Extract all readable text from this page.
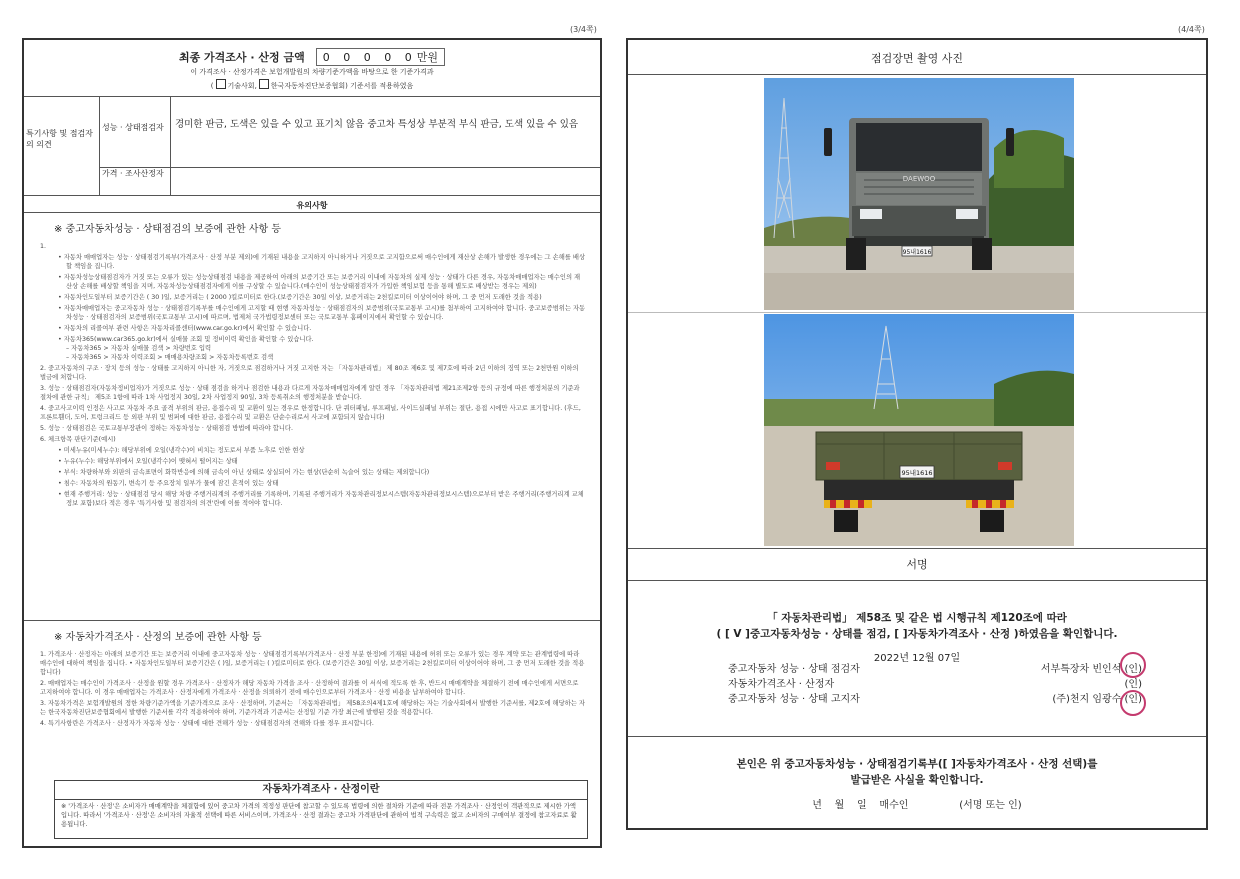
(3/4쪽)	(4/4쪽)
최종 가격조사 · 산정 금액 0 0 0 0 0만원
이 가격조사 · 산정가격은 보험개발원의 차량기준가액을 바탕으로 한 기준가격과
( 기술사회, 한국자동차진단보증협회) 기준서를 적용하였음
특기사항 및 점검자의 의견
성능 · 상태점검자	경미한 판금, 도색은 있을 수 있고 표기치 않음 중고차 특성상 부분적 부식 판금, 도색 있을 수 있음
가격 · 조사산정자
유의사항
※ 중고자동차성능 · 상태점검의 보증에 관한 사항 등
1.
• 자동차 매매업자는 성능 · 상태점검기록부(가격조사 · 산정 부분 제외)에 기재된 내용을 고지하지 아니하거나 거짓으로 고지함으로써 매수인에게 재산상 손해가 발생한 경우에는 그 손해를 배상할 책임을 집니다.
• 자동차성능상태점검자가 거짓 또는 오류가 있는 성능상태점검 내용을 제공하여 아래의 보증기간 또는 보증거리 이내에 자동차의 실제 성능 · 상태가 다른 경우, 자동차매매업자는 매수인의 재산상 손해를 배상할 책임을 지며, 자동차성능상태점검자에게 이를 구상할 수 있습니다.(매수인이 성능상태점검자가 가입한 책임보험 등을 통해 별도로 배상받는 경우는 제외)
• 자동차인도일부터 보증기간은 ( 30 )일, 보증거리는 ( 2000 )킬로미터로 한다.(보증기간은 30일 이상, 보증거리는 2천킬로미터 이상이어야 하며, 그 중 먼저 도래한 것을 적용)
• 자동차매매업자는 중고자동차 성능 · 상태점검기록부를 매수인에게 고지할 때 현행 자동차성능 · 상태점검자의 보증범위(국토교통부 고시)를 첨부하여 고지하여야 합니다. 중고보증범위는 자동차성능 · 상태점검자의 보증범위(국토교통부 고시)에 따르며, 법제처 국가법령정보센터 또는 국토교통부 홈페이지에서 확인할 수 있습니다.
• 자동차의 리콜여부 관련 사항은 자동차리콜센터(www.car.go.kr)에서 확인할 수 있습니다.
• 자동차365(www.car365.go.kr)에서 실매물 조회 및 정비이력 확인을 확인할 수 있습니다.
– 자동차365 > 자동차 실매물 검색 > 차량번호 입력
– 자동차365 > 자동차 이력조회 > 매매용차량조회 > 자동차등록번호 검색
2. 중고자동차의 구조 · 장치 등의 성능 · 상태를 고지하지 아니한 자, 거짓으로 점검하거나 거짓 고지한 자는 「자동차관리법」 제 80조 제6호 및 제7호에 따라 2년 이하의 징역 또는 2천만원 이하의 벌금에 처합니다.
3. 성능 · 상태점검자(자동차정비업자)가 거짓으로 성능 · 상태 점검을 하거나 점검한 내용과 다르게 자동차매매업자에게 알린 경우 「자동차관리법 제21조제2항 등의 규정에 따른 행정처분의 기준과 절차에 관한 규칙」 제5조 1항에 따라 1차 사업정지 30일, 2차 사업정지 90일, 3차 등록취소의 행정처분을 받습니다.
4. 중고사고이력 인정은 사고로 자동차 주요 골격 부위의 판금, 용접수리 및 교환이 있는 경우로 한정합니다. 단 쿼터패널, 루프패널, 사이드실패널 부위는 절단, 용접 시에만 사고로 표기합니다. (후드, 프론트휀더, 도어, 트렁크리드 등 외판 부위 및 범퍼에 대한 판금, 용접수리 및 교환은 단순수리로서 사고에 포함되지 않습니다)
5. 성능 · 상태점검은 국토교통부장관이 정하는 자동차성능 · 상태점검 방법에 따라야 합니다.
6. 체크항목 판단기준(예시)
• 미세누유(미세누수): 해당부위에 오일(냉각수)이 비치는 정도로서 부품 노후로 인한 현상
• 누유(누수): 해당부위에서 오일(냉각수)이 맺혀서 떨어지는 상태
• 부식: 차량하부와 외판의 금속표면이 화학반응에 의해 금속이 아닌 상태로 상실되어 가는 현상(단순히 녹슬어 있는 상태는 제외합니다)
• 침수: 자동차의 원동기, 변속기 등 주요장치 일부가 물에 잠긴 흔적이 있는 상태
• 현재 주행거리: 성능 · 상태점검 당시 해당 차량 주행거리계의 주행거리를 기록하며, 기록된 주행거리가 자동차관리정보시스템(자동차관리정보시스템)으로부터 받은 주행거리(주행거리계 교체 정보 포함)보다 적은 경우 '특기사항 및 점검자의 의견'란에 이를 적어야 합니다.
※ 자동차가격조사 · 산정의 보증에 관한 사항 등
1. 가격조사 · 산정자는 아래의 보증기간 또는 보증거리 이내에 중고자동차 성능 · 상태점검기록부(가격조사 · 산정 부분 한정)에 기재된 내용에 허위 또는 오류가 있는 경우 계약 또는 관계법령에 따라 매수인에 대하여 책임을 집니다. • 자동차인도일부터 보증기간은 ( )일, 보증거리는 ( )킬로미터로 한다. (보증기간은 30일 이상, 보증거리는 2천킬로미터 이상이어야 하며, 그 중 먼저 도래한 것을 적용합니다)
2. 매매업자는 매수인이 가격조사 · 산정을 원할 경우 가격조사 · 산정자가 해당 자동차 가격을 조사 · 산정하여 결과를 이 서식에 적도록 한 후, 반드시 매매계약을 체결하기 전에 매수인에게 서면으로 고지하여야 합니다. 이 경우 매매업자는 가격조사 · 산정자에게 가격조사 · 산정을 의뢰하기 전에 매수인으로부터 가격조사 · 산정 비용을 납부하여야 합니다.
3. 자동차가격은 보험개발원의 정한 차량기준가액을 기준가격으로 조사 · 산정하며, 기준서는 「자동차관리법」 제58조의4제1호에 해당하는 자는 기술사회에서 발행한 기준서를, 제2호에 해당하는 자는 한국자동차진단보증협회에서 발행한 기준서를 각각 적용하여야 하며, 기준가격과 기준서는 산정일 기준 가장 최근에 발행된 것을 적용합니다.
4. 특기사항란은 가격조사 · 산정자가 자동차 성능 · 상태에 대한 견해가 성능 · 상태점검자의 견해와 다를 경우 표시합니다.
자동차가격조사 · 산정이란
※ '가격조사 · 산정'은 소비자가 매매계약을 체결함에 있어 중고차 가격의 적정성 판단에 참고할 수 있도록 법령에 의한 절차와 기준에 따라 전문 가격조사 · 산정인이 객관적으로 제시한 가액입니다. 따라서 '가격조사 · 산정'은 소비자의 자율적 선택에 따른 서비스이며, 가격조사 · 산정 결과는 중고차 가격판단에 관하여 법적 구속력은 없고 소비자의 구매여부 결정에 참고자료로 활용됩니다.
점검장면 촬영 사진
DAEWOO
95내1616
95내1616
서명
「 자동차관리법」 제58조 및 같은 법 시행규칙 제120조에 따라
( [ V ]중고자동차성능 · 상태를 점검, [ ]자동차가격조사 · 산정 )하였음을 확인합니다.
2022년 12월 07일
중고자동차 성능 · 상태 점검자
자동차가격조사 · 산정자
중고자동차 성능 · 상태 고지자
서부특장차 빈인석 (인)
(인)
(주)천지 임광수 (인)
본인은 위 중고자동차성능 · 상태점검기록부([ ]자동차가격조사 · 산정 선택)를
발급받은 사실을 확인합니다.
년    월    일    매수인                (서명 또는 인)
